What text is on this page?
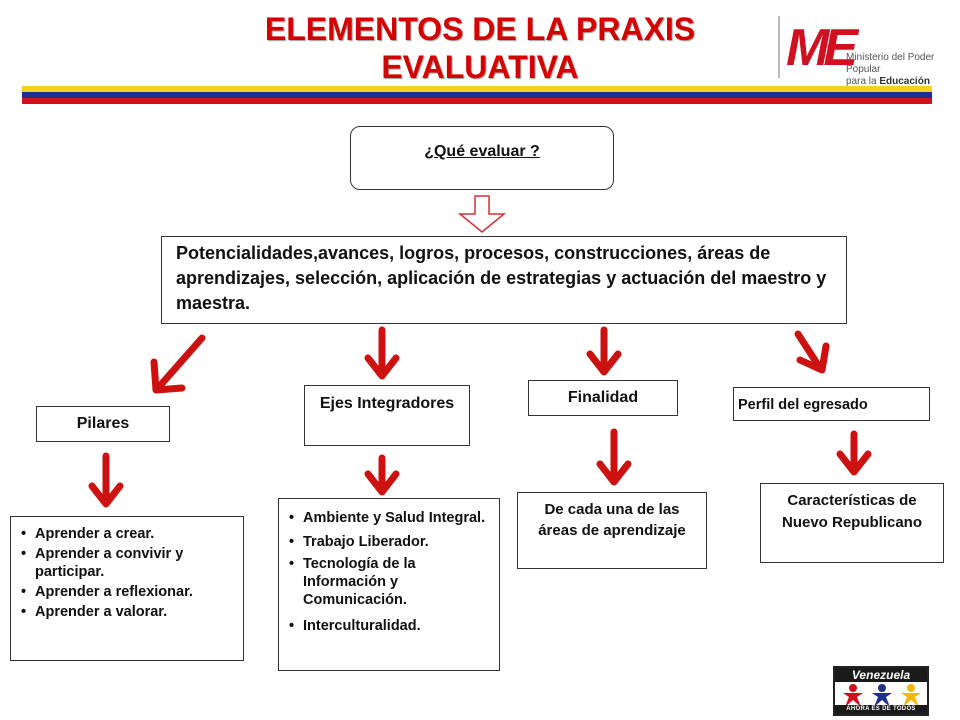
ELEMENTOS DE LA PRAXIS
EVALUATIVA	ME
Ministerio del Poder Popular
para la Educación
¿Qué evaluar ?
Potencialidades,avances, logros, procesos, construcciones, áreas de aprendizajes, selección, aplicación de estrategias y actuación del maestro y maestra.
Pilares
Ejes Integradores	Finalidad	Perfil del egresado
• Aprender a crear.
• Aprender a convivir y participar.
• Aprender a reflexionar.
• Aprender a valorar.
• Ambiente y Salud Integral.
• Trabajo Liberador.
• Tecnología de la Información y Comunicación.
• Interculturalidad.
De cada una de las áreas de aprendizaje
Características de Nuevo Republicano
Venezuela
AHORA ES DE TODOS
